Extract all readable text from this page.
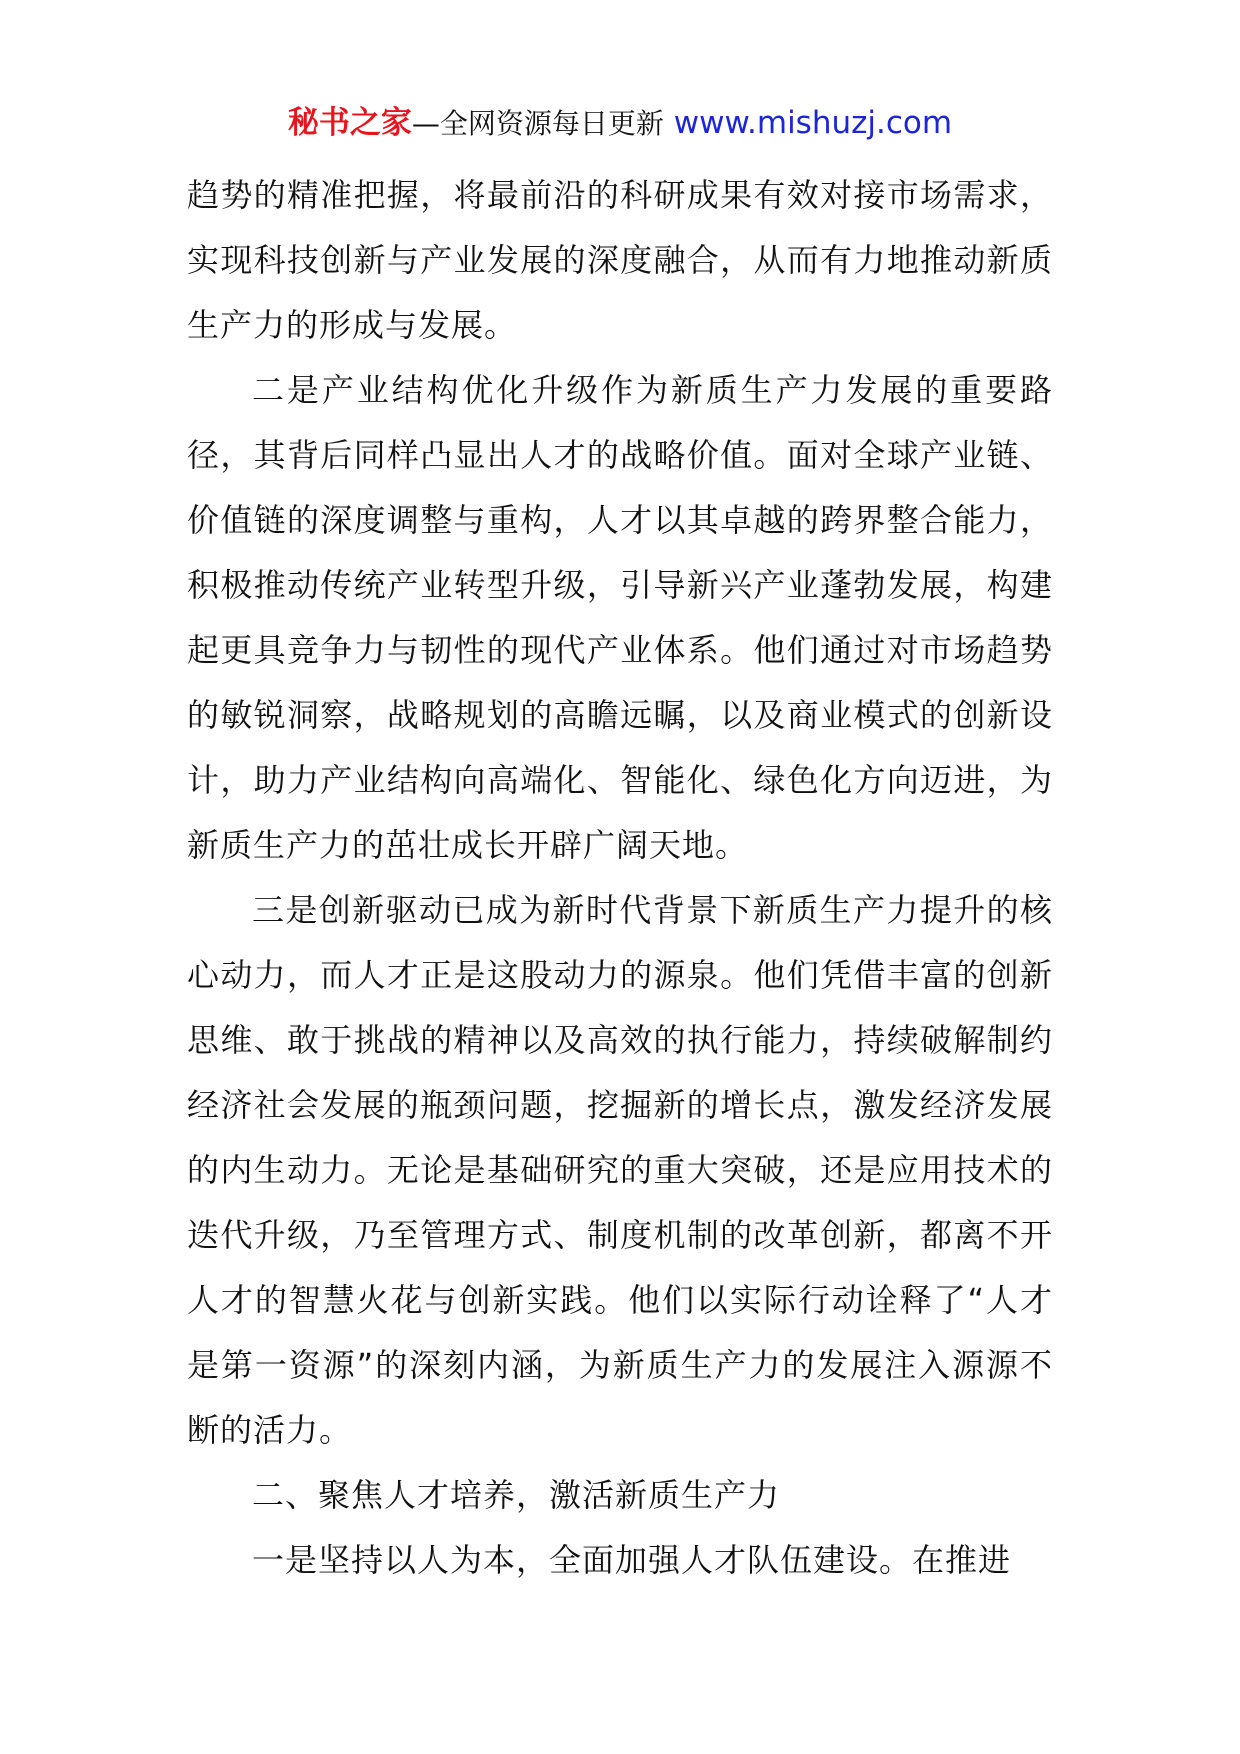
秘书之家—全网资源每日更新 www.mishuzj.com

趋势的精准把握，将最前沿的科研成果有效对接市场需求，实现科技创新与产业发展的深度融合，从而有力地推动新质生产力的形成与发展。

二是产业结构优化升级作为新质生产力发展的重要路径，其背后同样凸显出人才的战略价值。面对全球产业链、价值链的深度调整与重构，人才以其卓越的跨界整合能力，积极推动传统产业转型升级，引导新兴产业蓬勃发展，构建起更具竞争力与韧性的现代产业体系。他们通过对市场趋势的敏锐洞察，战略规划的高瞻远瞩，以及商业模式的创新设计，助力产业结构向高端化、智能化、绿色化方向迈进，为新质生产力的茁壮成长开辟广阔天地。

三是创新驱动已成为新时代背景下新质生产力提升的核心动力，而人才正是这股动力的源泉。他们凭借丰富的创新思维、敢于挑战的精神以及高效的执行能力，持续破解制约经济社会发展的瓶颈问题，挖掘新的增长点，激发经济发展的内生动力。无论是基础研究的重大突破，还是应用技术的迭代升级，乃至管理方式、制度机制的改革创新，都离不开人才的智慧火花与创新实践。他们以实际行动诠释了“人才是第一资源”的深刻内涵，为新质生产力的发展注入源源不断的活力。

二、聚焦人才培养，激活新质生产力

一是坚持以人为本，全面加强人才队伍建设。在推进
